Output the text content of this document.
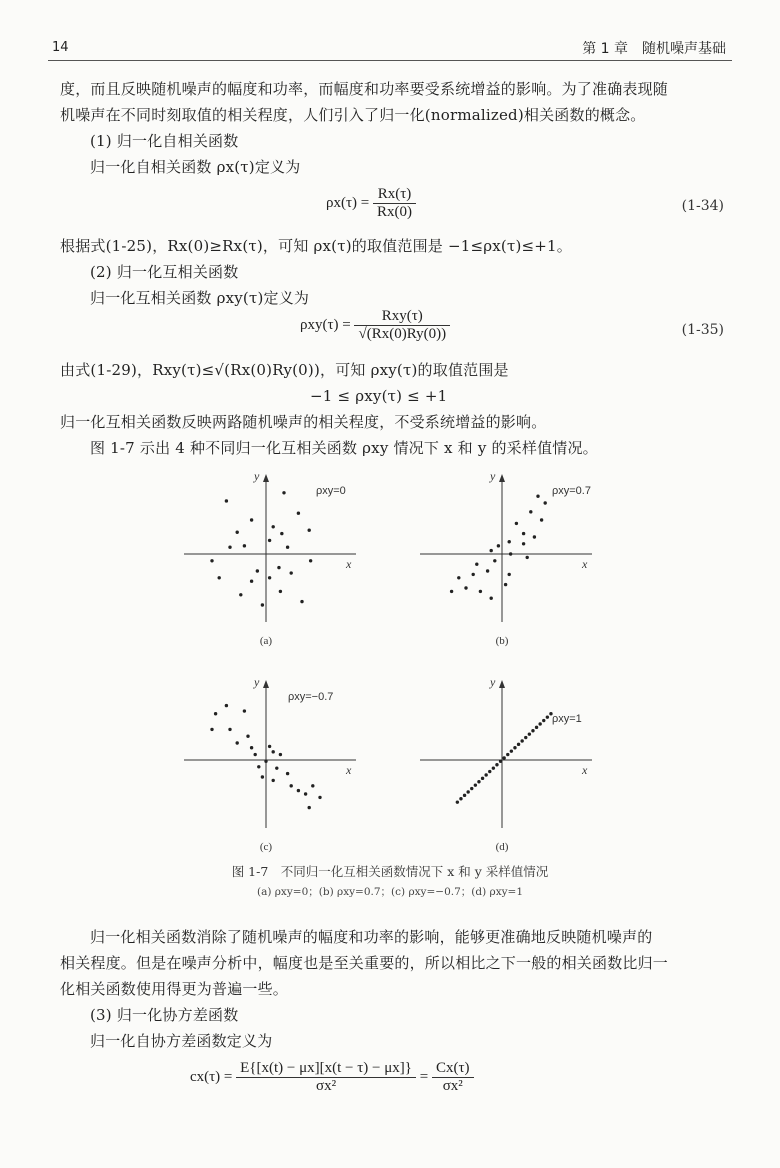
14	第 1 章　随机噪声基础
度，而且反映随机噪声的幅度和功率，而幅度和功率要受系统增益的影响。为了准确表现随
机噪声在不同时刻取值的相关程度，人们引入了归一化(normalized)相关函数的概念。
(1) 归一化自相关函数
归一化自相关函数 ρx(τ)定义为
$\rho x(\tau) = \frac{Rx(\tau)}{Rx(0)}$	(1-34)
根据式(1-25)，Rx(0)≥Rx(τ)，可知 ρx(τ)的取值范围是 −1≤ρx(τ)≤+1。
(2) 归一化互相关函数
归一化互相关函数 ρxy(τ)定义为
$\rho xy(\tau) = \frac{\text{Rxy(τ)}}{√(Rx(0)Ry(0))}$	(1-35)
由式(1-29)，Rxy(τ)≤√(Rx(0)Ry(0))，可知 ρxy(τ)的取值范围是
−1 ≤ ρxy(τ) ≤ +1
归一化互相关函数反映两路随机噪声的相关程度，不受系统增益的影响。
图 1-7 示出 4 种不同归一化互相关函数 ρxy 情况下 x 和 y 的采样值情况。
x
y
ρxy=0
(a)
x
y
ρxy=0.7
(b)
x
y
ρxy=−0.7
(c)
x
y
ρxy=1
(d)
图 1-7　不同归一化互相关函数情况下 x 和 y 采样值情况
(a) ρxy=0；(b) ρxy=0.7；(c) ρxy=−0.7；(d) ρxy=1
归一化相关函数消除了随机噪声的幅度和功率的影响，能够更准确地反映随机噪声的
相关程度。但是在噪声分析中，幅度也是至关重要的，所以相比之下一般的相关函数比归一
化相关函数使用得更为普遍一些。
(3) 归一化协方差函数
归一化自协方差函数定义为
$cx(\tau) = \frac{E\{[x(t) - \mu x][x(t - \tau) - \mu x]\}}{\text{σx²}} = \frac{Cx(\tau)}{\text{σx²}}$
